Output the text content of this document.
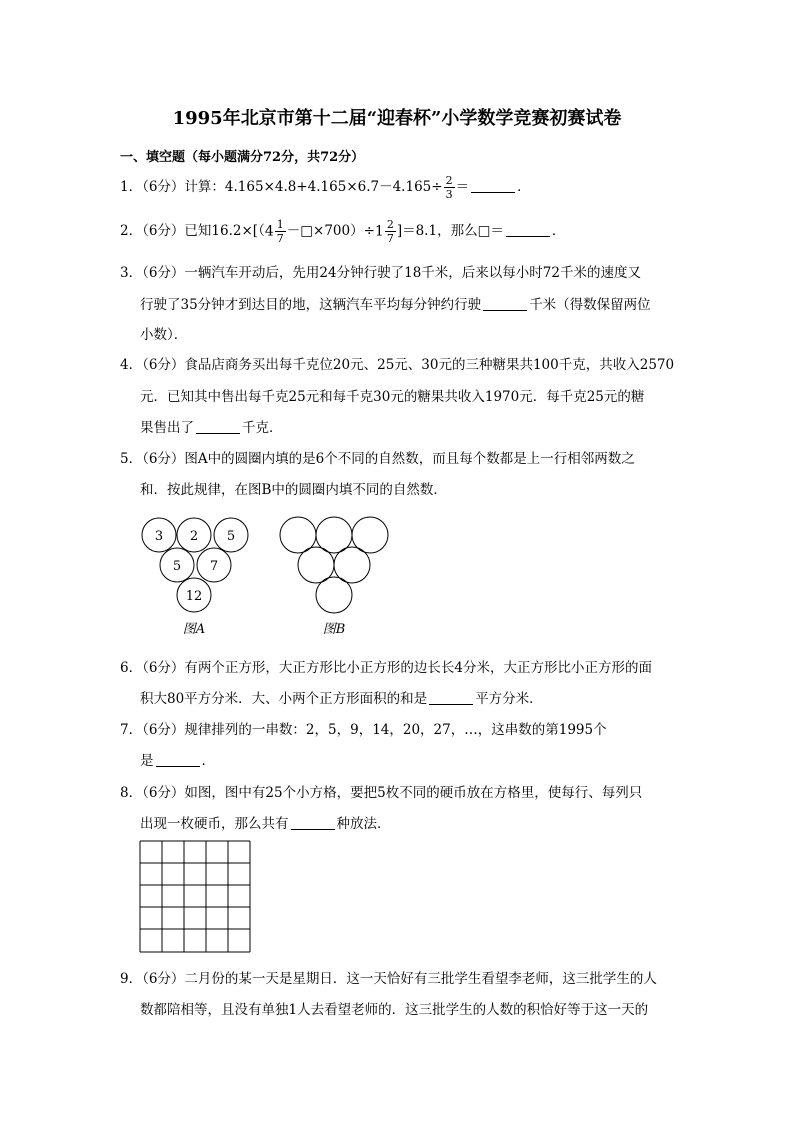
1995年北京市第十二届“迎春杯”小学数学竞赛初赛试卷
一、填空题（每小题满分72分，共72分）
1．（6分）计算：$4.165\times 4.8+4.165\times 6.7-4.165\div \frac{2}{3}$ ＝	．
2．（6分）已知$16.2\times[(4 \frac{1}{7}$ －□×700）÷1 $\frac{2}{7} ]=8.1$，那么□＝	．
3．（6分）一辆汽车开动后，先用24分钟行驶了18千米，后来以每小时72千米的速度又
行驶了35分钟才到达目的地，这辆汽车平均每分钟约行驶	千米（得数保留两位
小数）．
4．（6分）食品店商务买出每千克位20元、25元、30元的三种糖果共100千克，共收入2570
元．已知其中售出每千克25元和每千克30元的糖果共收入1970元．每千克25元的糖
果售出了	千克．
5．（6分）图A中的圆圈内填的是6个不同的自然数，而且每个数都是上一行相邻两数之
和．按此规律，在图B中的圆圈内填不同的自然数．
3 2 5
5 7
12
图A	图B
6．（6分）有两个正方形，大正方形比小正方形的边长长4分米，大正方形比小正方形的面
积大80平方分米．大、小两个正方形面积的和是	平方分米．
7．（6分）规律排列的一串数：2，5，9，14，20，27，…，这串数的第1995个
是	．
8．（6分）如图，图中有25个小方格，要把5枚不同的硬币放在方格里，使每行、每列只
出现一枚硬币，那么共有	种放法．
9．（6分）二月份的某一天是星期日．这一天恰好有三批学生看望李老师，这三批学生的人
数都陪相等，且没有单独1人去看望老师的．这三批学生的人数的积恰好等于这一天的
